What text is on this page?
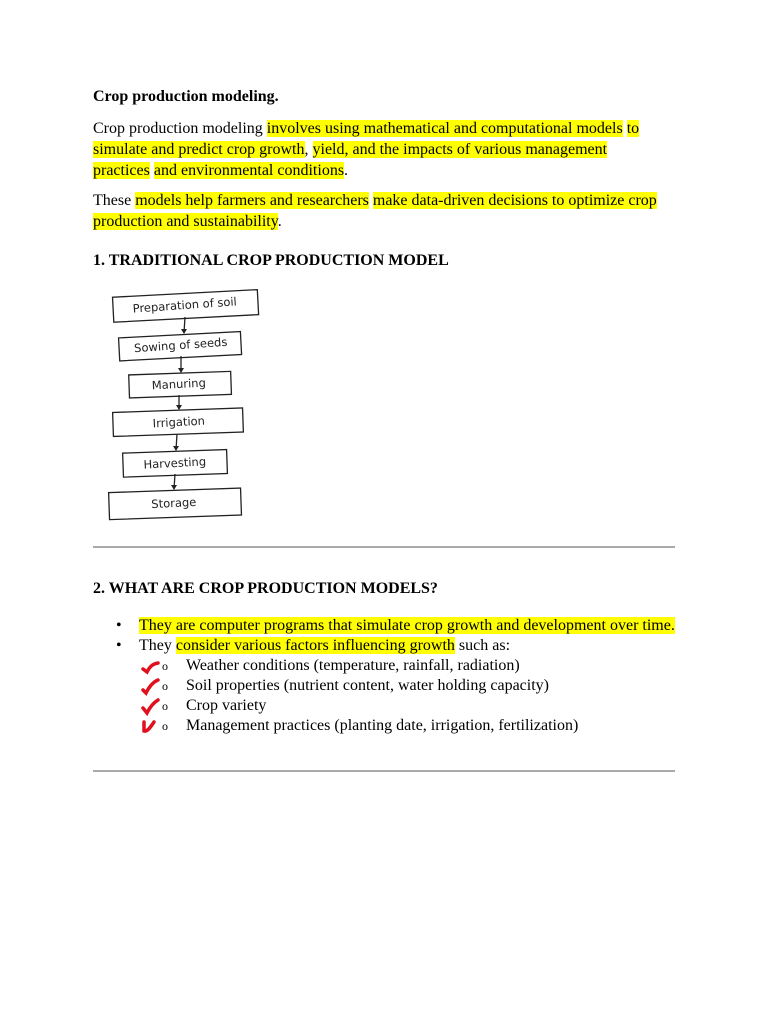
Crop production modeling.

Crop production modeling involves using mathematical and computational models to simulate and predict crop growth, yield, and the impacts of various management practices and environmental conditions.

These models help farmers and researchers make data-driven decisions to optimize crop production and sustainability.

1. TRADITIONAL CROP PRODUCTION MODEL

Preparation of soil
Sowing of seeds
Manuring
Irrigation
Harvesting
Storage

2. WHAT ARE CROP PRODUCTION MODELS?

• They are computer programs that simulate crop growth and development over time.
• They consider various factors influencing growth such as:
o Weather conditions (temperature, rainfall, radiation)
o Soil properties (nutrient content, water holding capacity)
o Crop variety
o Management practices (planting date, irrigation, fertilization)
